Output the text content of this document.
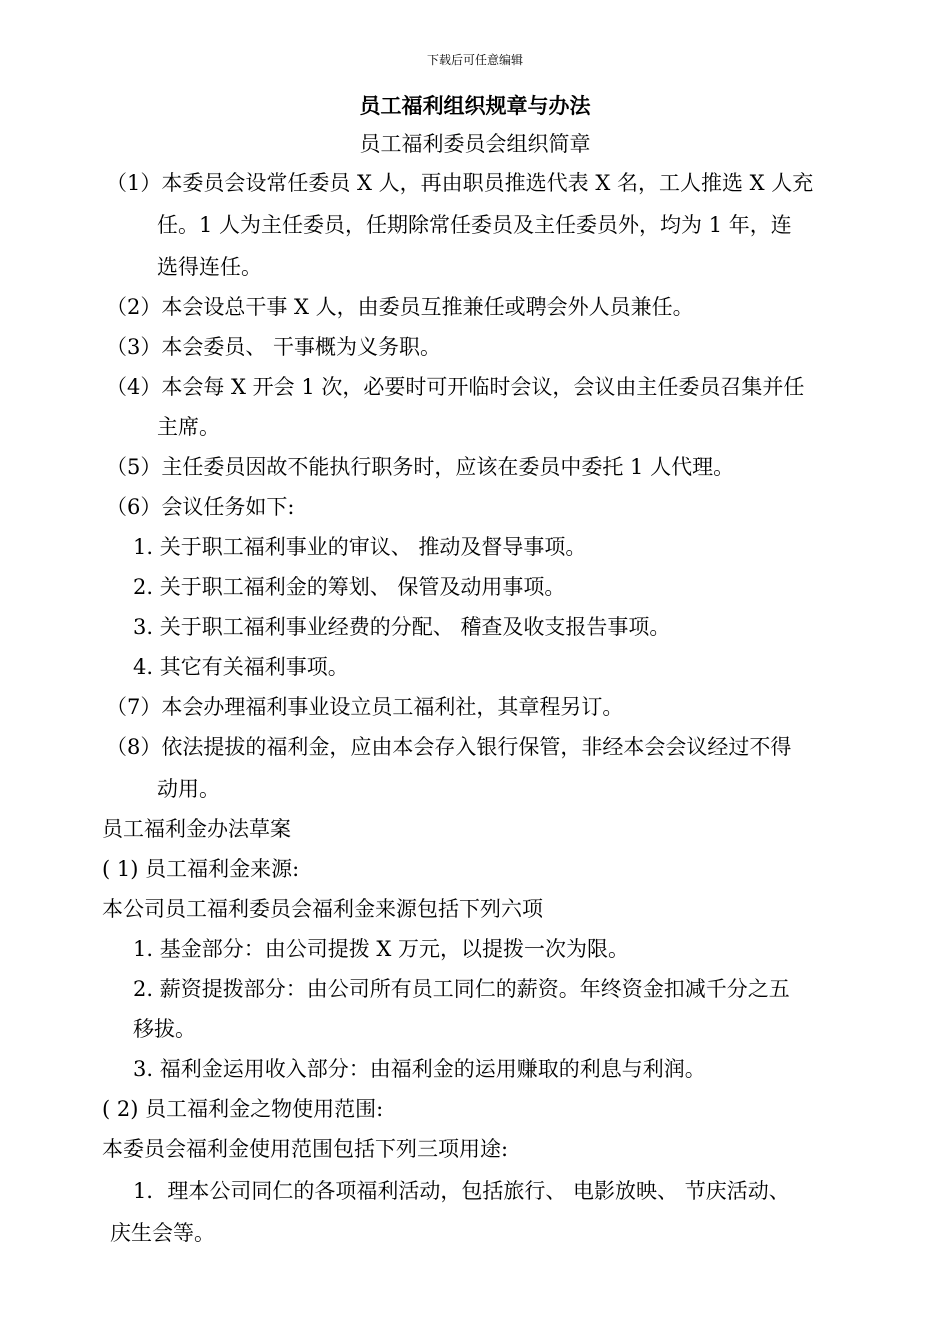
下载后可任意编辑
员工福利组织规章与办法
员工福利委员会组织简章
（1）本委员会设常任委员 X 人，再由职员推选代表 X 名，工人推选 X 人充
任。1 人为主任委员，任期除常任委员及主任委员外，均为 1 年，连
选得连任。
（2）本会设总干事 X 人，由委员互推兼任或聘会外人员兼任。
（3）本会委员、 干事概为义务职。
（4）本会每 X 开会 1 次，必要时可开临时会议，会议由主任委员召集并任
主席。
（5）主任委员因故不能执行职务时，应该在委员中委托 1 人代理。
（6）会议任务如下:
1. 关于职工福利事业的审议、 推动及督导事项。
2. 关于职工福利金的筹划、 保管及动用事项。
3. 关于职工福利事业经费的分配、 稽查及收支报告事项。
4. 其它有关福利事项。
（7）本会办理福利事业设立员工福利社，其章程另订。
（8）依法提拔的福利金，应由本会存入银行保管，非经本会会议经过不得
动用。
员工福利金办法草案
( 1) 员工福利金来源:
本公司员工福利委员会福利金来源包括下列六项
1. 基金部分：由公司提拨 X 万元，以提拨一次为限。
2. 薪资提拨部分：由公司所有员工同仁的薪资。年终资金扣减千分之五
移拔。
3. 福利金运用收入部分：由福利金的运用赚取的利息与利润。
( 2) 员工福利金之物使用范围:
本委员会福利金使用范围包括下列三项用途:
1．理本公司同仁的各项福利活动，包括旅行、 电影放映、 节庆活动、
庆生会等。
